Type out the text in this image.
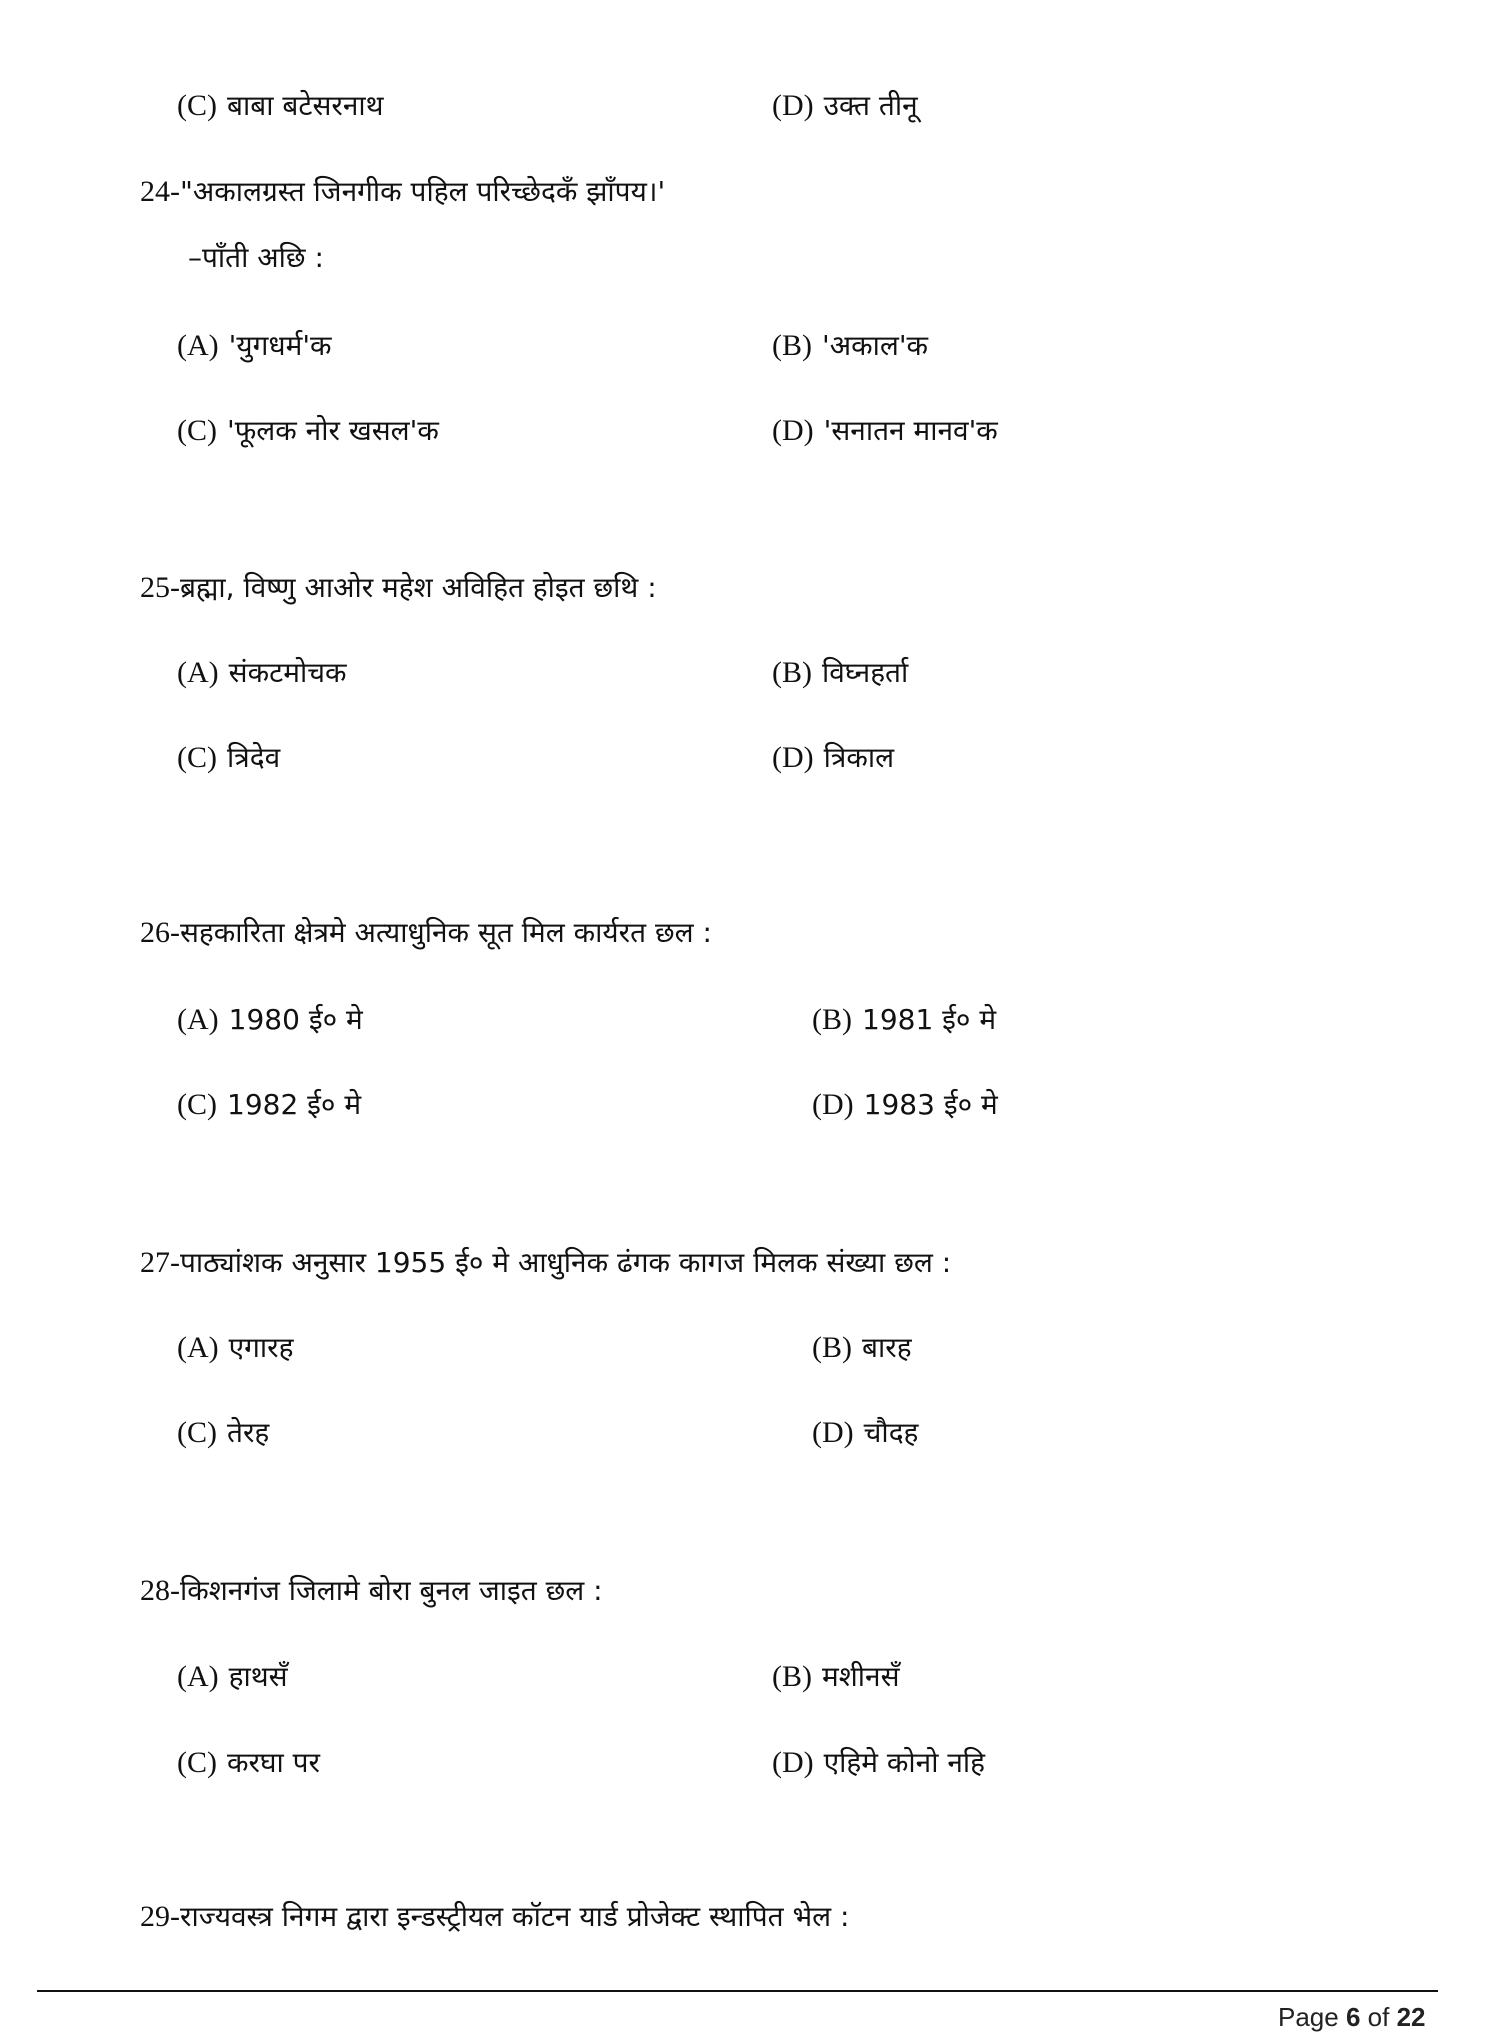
(C) बाबा बटेसरनाथ	(D) उक्त तीनू
24-"अकालग्रस्त जिनगीक पहिल परिच्छेदकँ झाँपय।'
–पाँती अछि :
(A) 'युगधर्म'क	(B) 'अकाल'क
(C) 'फूलक नोर खसल'क	(D) 'सनातन मानव'क
25-ब्रह्मा, विष्णु आओर महेश अविहित होइत छथि :
(A) संकटमोचक	(B) विघ्नहर्ता
(C) त्रिदेव	(D) त्रिकाल
26-सहकारिता क्षेत्रमे अत्याधुनिक सूत मिल कार्यरत छल :
(A) 1980 ई० मे	(B) 1981 ई० मे
(C) 1982 ई० मे	(D) 1983 ई० मे
27-पाठ्यांशक अनुसार 1955 ई० मे आधुनिक ढंगक कागज मिलक संख्या छल :
(A) एगारह	(B) बारह
(C) तेरह	(D) चौदह
28-किशनगंज जिलामे बोरा बुनल जाइत छल :
(A) हाथसँ	(B) मशीनसँ
(C) करघा पर	(D) एहिमे कोनो नहि
29-राज्यवस्त्र निगम द्वारा इन्डस्ट्रीयल कॉटन यार्ड प्रोजेक्ट स्थापित भेल :
Page 6 of 22
